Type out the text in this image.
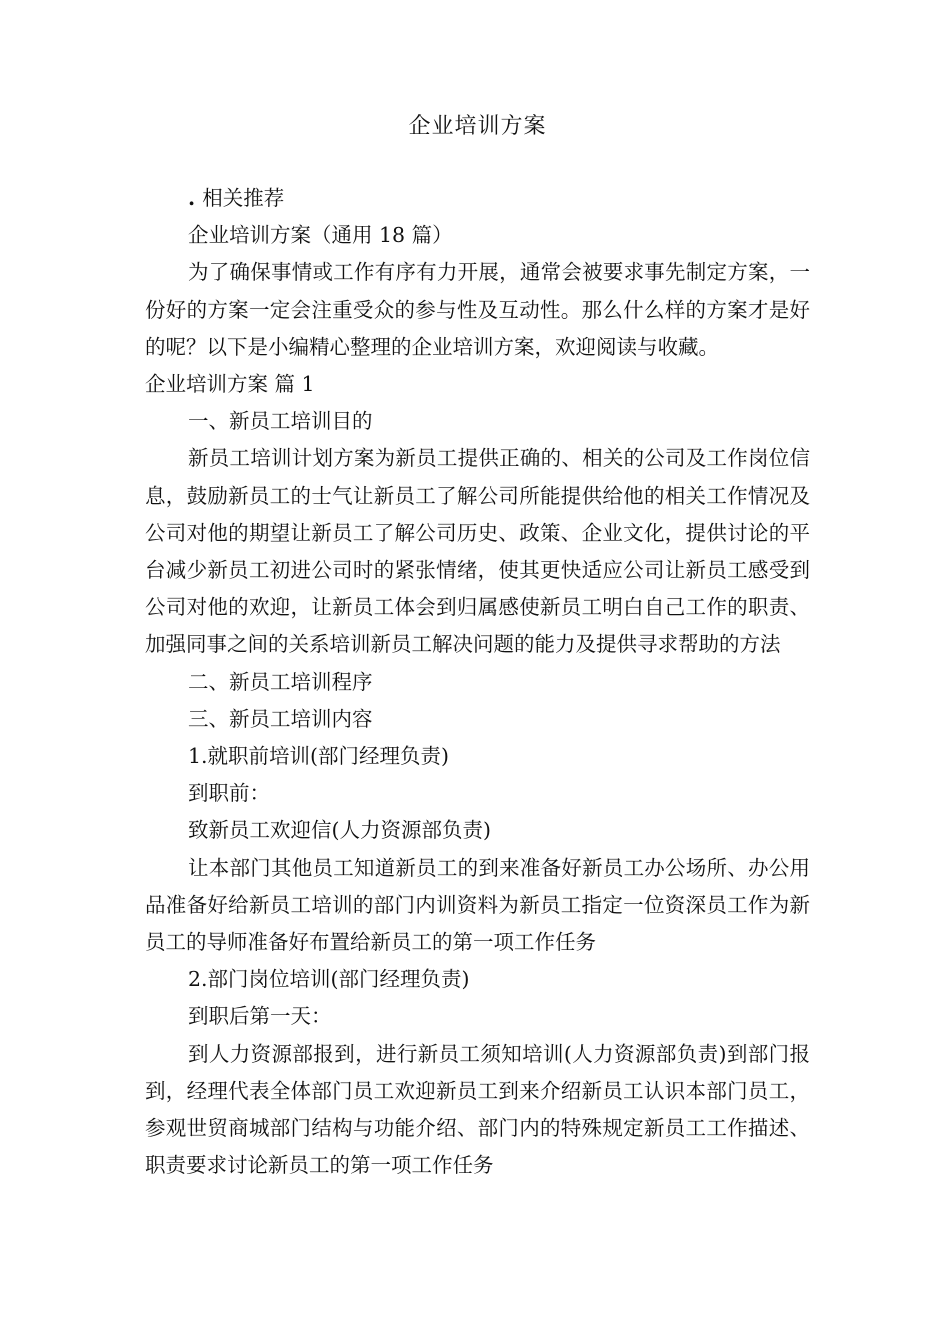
企业培训方案

. 相关推荐

企业培训方案（通用 18 篇）

为了确保事情或工作有序有力开展，通常会被要求事先制定方案，一份好的方案一定会注重受众的参与性及互动性。那么什么样的方案才是好的呢？以下是小编精心整理的企业培训方案，欢迎阅读与收藏。

企业培训方案 篇 1

一、新员工培训目的

新员工培训计划方案为新员工提供正确的、相关的公司及工作岗位信息，鼓励新员工的士气让新员工了解公司所能提供给他的相关工作情况及公司对他的期望让新员工了解公司历史、政策、企业文化，提供讨论的平台减少新员工初进公司时的紧张情绪，使其更快适应公司让新员工感受到公司对他的欢迎，让新员工体会到归属感使新员工明白自己工作的职责、加强同事之间的关系培训新员工解决问题的能力及提供寻求帮助的方法

二、新员工培训程序

三、新员工培训内容

1.就职前培训(部门经理负责)

到职前：

致新员工欢迎信(人力资源部负责)

让本部门其他员工知道新员工的到来准备好新员工办公场所、办公用品准备好给新员工培训的部门内训资料为新员工指定一位资深员工作为新员工的导师准备好布置给新员工的第一项工作任务

2.部门岗位培训(部门经理负责)

到职后第一天：

到人力资源部报到，进行新员工须知培训(人力资源部负责)到部门报到，经理代表全体部门员工欢迎新员工到来介绍新员工认识本部门员工，参观世贸商城部门结构与功能介绍、部门内的特殊规定新员工工作描述、职责要求讨论新员工的第一项工作任务
